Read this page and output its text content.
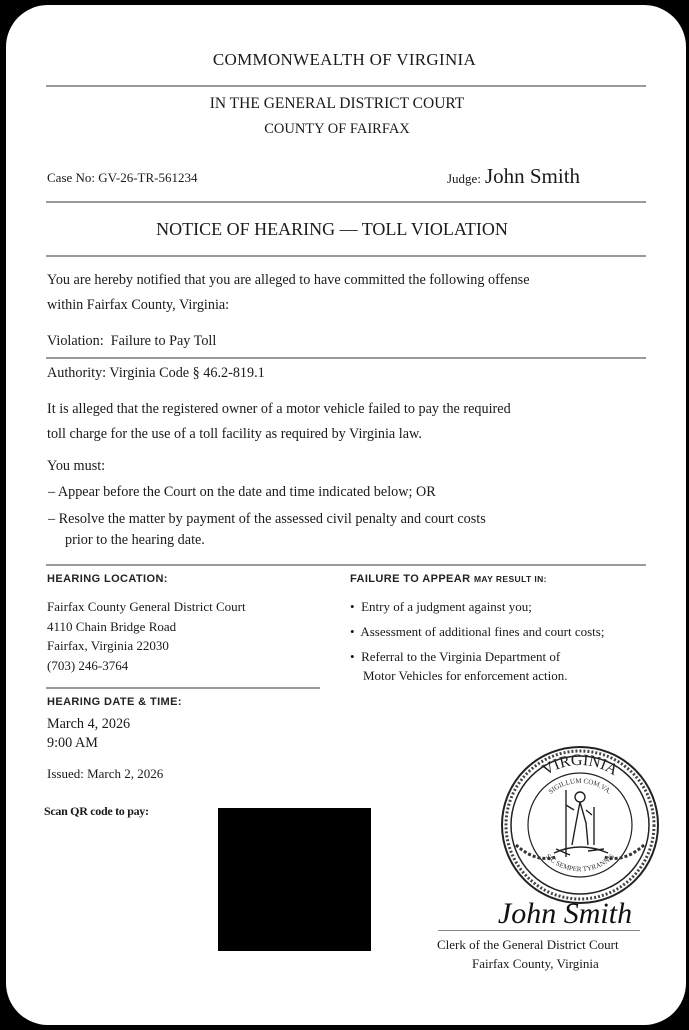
COMMONWEALTH OF VIRGINIA
IN THE GENERAL DISTRICT COURT
COUNTY OF FAIRFAX
Case No: GV-26-TR-561234	Judge: John Smith
NOTICE OF HEARING — TOLL VIOLATION
You are hereby notified that you are alleged to have committed the following offense
within Fairfax County, Virginia:
Violation: Failure to Pay Toll
Authority: Virginia Code § 46.2-819.1
It is alleged that the registered owner of a motor vehicle failed to pay the required
toll charge for the use of a toll facility as required by Virginia law.
You must:
– Appear before the Court on the date and time indicated below; OR
– Resolve the matter by payment of the assessed civil penalty and court costs
prior to the hearing date.
HEARING LOCATION:
Fairfax County General District Court
4110 Chain Bridge Road
Fairfax, Virginia 22030
(703) 246-3764
FAILURE TO APPEAR MAY RESULT IN:
• Entry of a judgment against you;
• Assessment of additional fines and court costs;
• Referral to the Virginia Department of
Motor Vehicles for enforcement action.
HEARING DATE & TIME:
March 4, 2026
9:00 AM
Issued: March 2, 2026
Scan QR code to pay:
VIRGINIA
SIGILLUM COM.VA.
SIC SEMPER TYRANNIS
John Smith
Clerk of the General District Court
Fairfax County, Virginia
